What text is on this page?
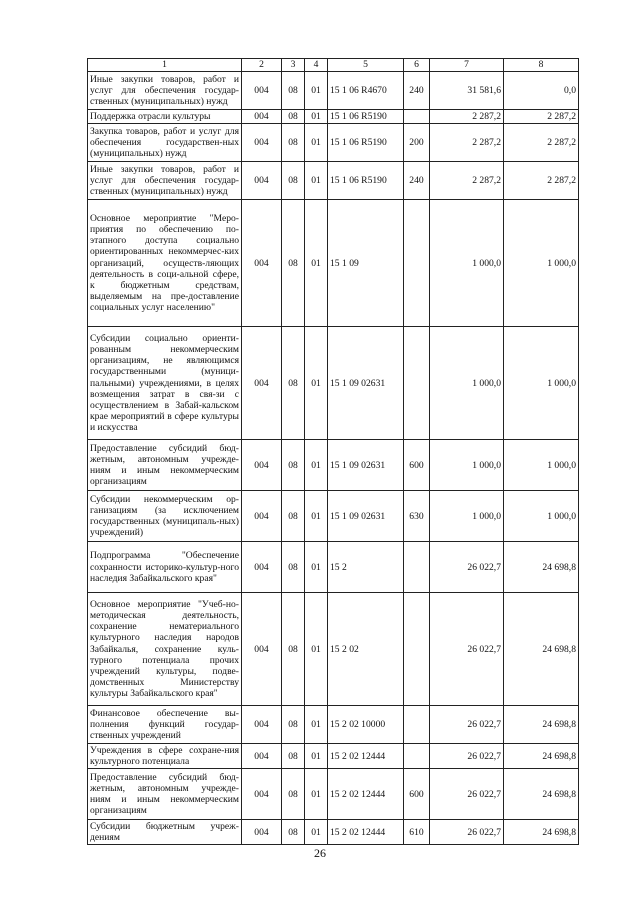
1	2	3	4	5	6	7	8
Иные закупки товаров, работ и услуг для обеспечения государ-ственных (муниципальных) нужд	004	08	01	15 1 06 R4670	240	31 581,6	0,0
Поддержка отрасли культуры	004	08	01	15 1 06 R5190		2 287,2	2 287,2
Закупка товаров, работ и услуг для обеспечения государствен-ных (муниципальных) нужд	004	08	01	15 1 06 R5190	200	2 287,2	2 287,2
Иные закупки товаров, работ и услуг для обеспечения государ-ственных (муниципальных) нужд	004	08	01	15 1 06 R5190	240	2 287,2	2 287,2
Основное мероприятие "Меро-приятия по обеспечению по-этапного доступа социально ориентированных некоммерчес-ких организаций, осуществ-ляющих деятельность в соци-альной сфере, к бюджетным средствам, выделяемым на пре-доставление социальных услуг населению"	004	08	01	15 1 09		1 000,0	1 000,0
Субсидии социально ориенти-рованным некоммерческим организациям, не являющимся государственными (муници-пальными) учреждениями, в целях возмещения затрат в свя-зи с осуществлением в Забай-кальском крае мероприятий в сфере культуры и искусства	004	08	01	15 1 09 02631		1 000,0	1 000,0
Предоставление субсидий бюд-жетным, автономным учрежде-ниям и иным некоммерческим организациям	004	08	01	15 1 09 02631	600	1 000,0	1 000,0
Субсидии некоммерческим ор-ганизациям (за исключением государственных (муниципаль-ных) учреждений)	004	08	01	15 1 09 02631	630	1 000,0	1 000,0
Подпрограмма "Обеспечение сохранности историко-культур-ного наследия Забайкальского края"	004	08	01	15 2		26 022,7	24 698,8
Основное мероприятие "Учеб-но-методическая деятельность, сохранение нематериального культурного наследия народов Забайкалья, сохранение куль-турного потенциала прочих учреждений культуры, подве-домственных Министерству культуры Забайкальского края"	004	08	01	15 2 02		26 022,7	24 698,8
Финансовое обеспечение вы-полнения функций государ-ственных учреждений	004	08	01	15 2 02 10000		26 022,7	24 698,8
Учреждения в сфере сохране-ния культурного потенциала	004	08	01	15 2 02 12444		26 022,7	24 698,8
Предоставление субсидий бюд-жетным, автономным учрежде-ниям и иным некоммерческим организациям	004	08	01	15 2 02 12444	600	26 022,7	24 698,8
Субсидии бюджетным учреж-дениям	004	08	01	15 2 02 12444	610	26 022,7	24 698,8
26
